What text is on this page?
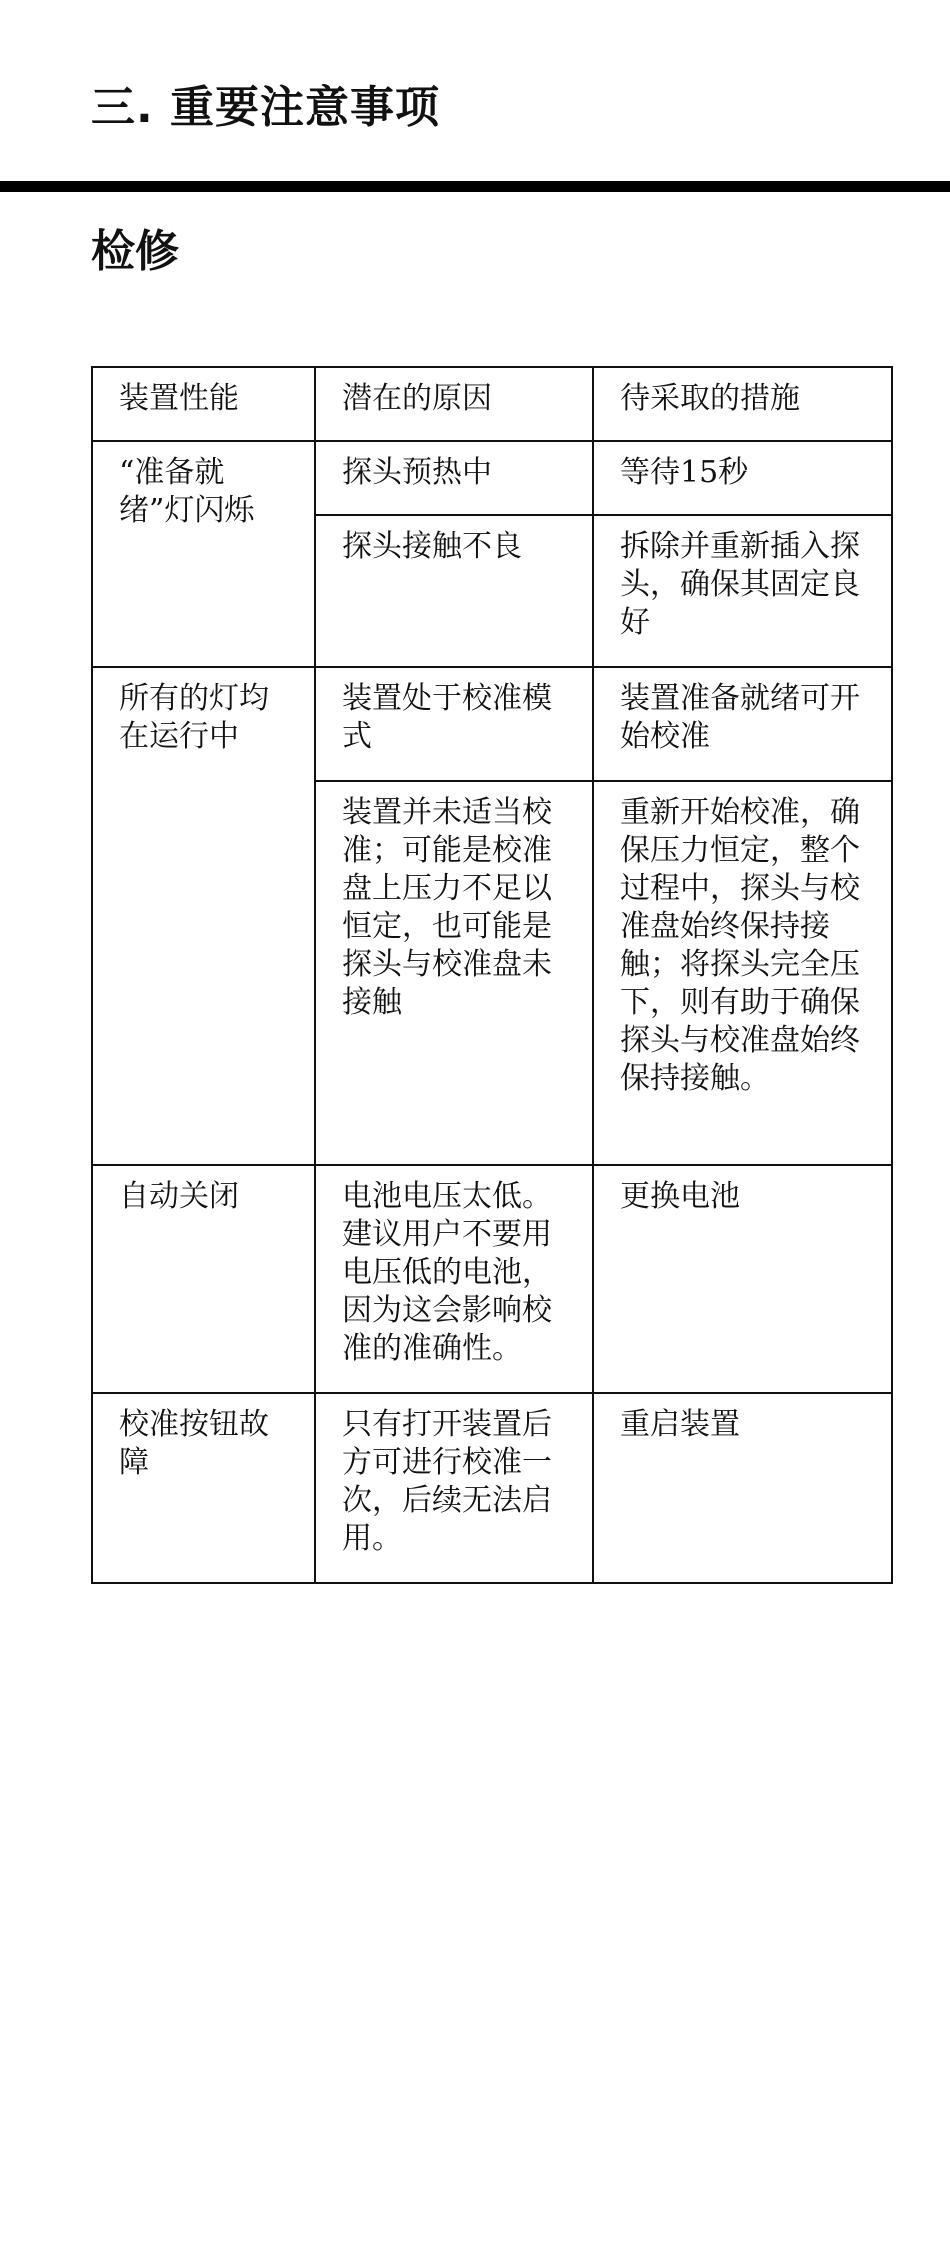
三. 重要注意事项
检修
装置性能	潜在的原因	待采取的措施
“准备就绪”灯闪烁	探头预热中	等待15秒
	探头接触不良	拆除并重新插入探头，确保其固定良好
所有的灯均在运行中	装置处于校准模式	装置准备就绪可开始校准
	装置并未适当校准；可能是校准盘上压力不足以恒定，也可能是探头与校准盘未接触	重新开始校准，确保压力恒定，整个过程中，探头与校准盘始终保持接触；将探头完全压下，则有助于确保探头与校准盘始终保持接触。
自动关闭	电池电压太低。建议用户不要用电压低的电池，因为这会影响校准的准确性。	更换电池
校准按钮故障	只有打开装置后方可进行校准一次，后续无法启用。	重启装置
